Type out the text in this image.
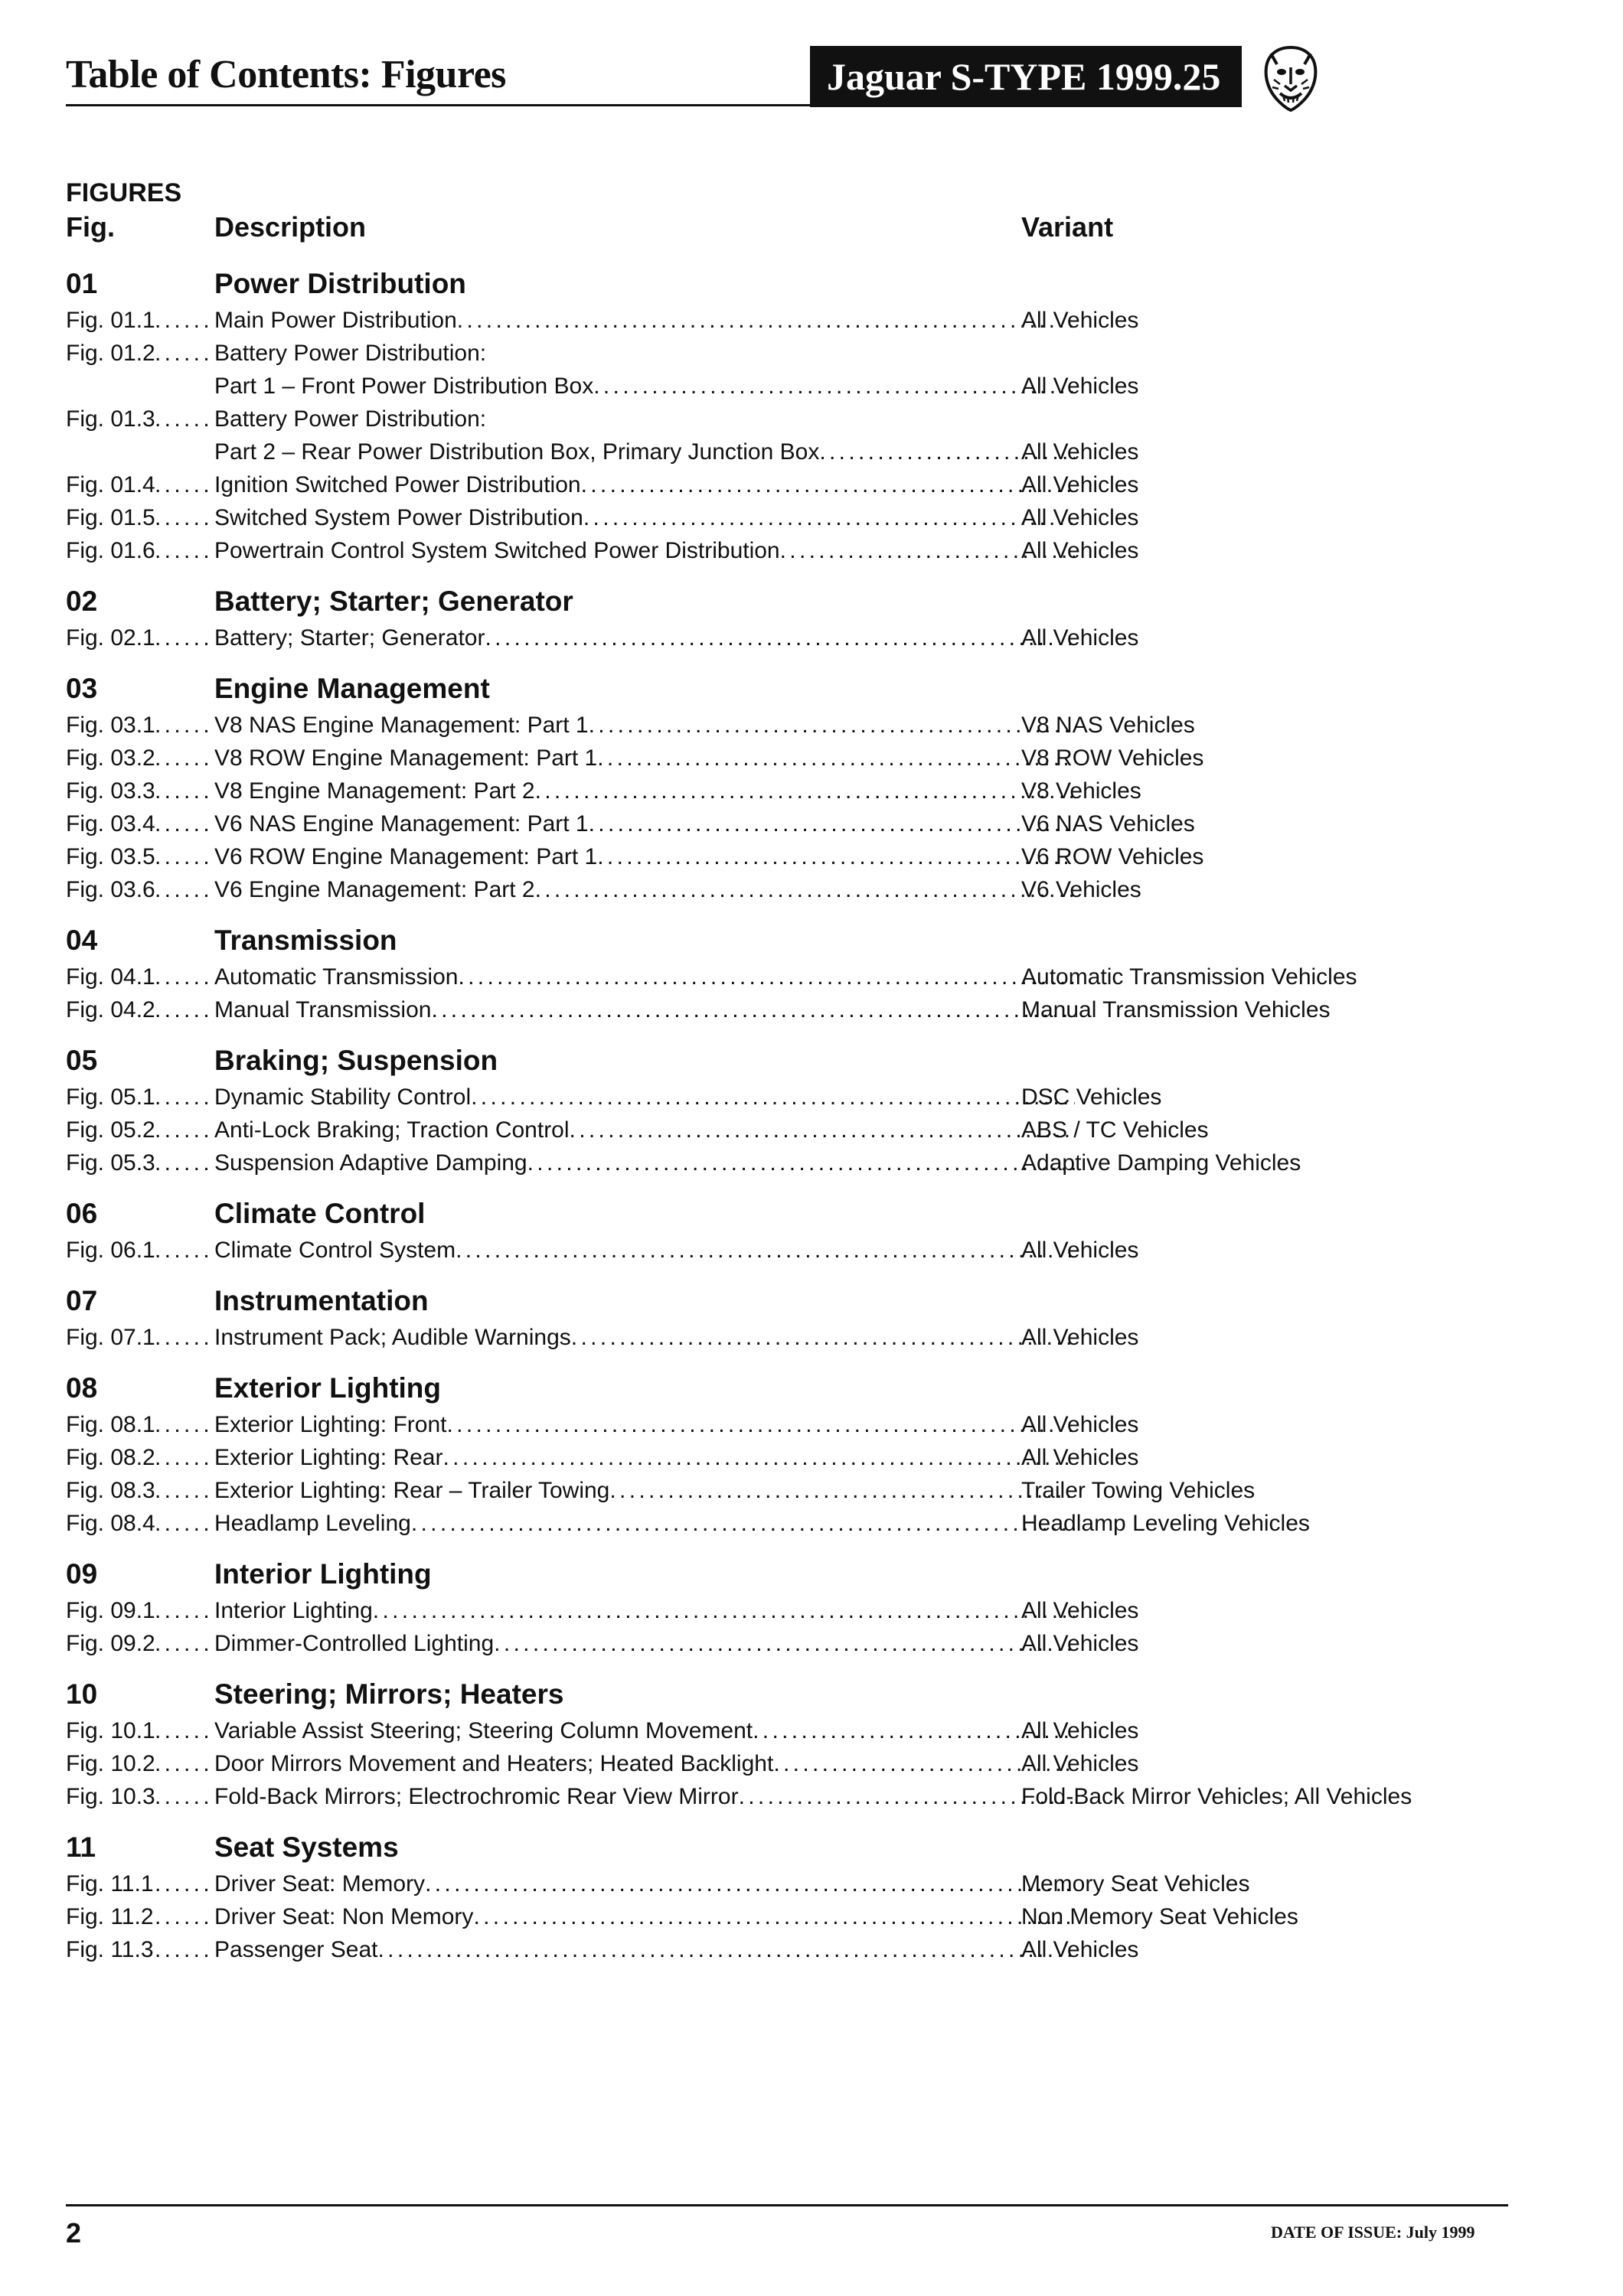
Table of Contents: Figures	Jaguar S-TYPE 1999.25
FIGURES
Fig.	Description	Variant
01	Power Distribution
Fig. 01.1 . . .	Main Power Distribution . . .	All Vehicles
Fig. 01.2 . . .	Battery Power Distribution:
Part 1 – Front Power Distribution Box . . .	All Vehicles
Fig. 01.3 . . .	Battery Power Distribution:
Part 2 – Rear Power Distribution Box, Primary Junction Box . . .	All Vehicles
Fig. 01.4 . . .	Ignition Switched Power Distribution . . .	All Vehicles
Fig. 01.5 . . .	Switched System Power Distribution . . .	All Vehicles
Fig. 01.6 . . .	Powertrain Control System Switched Power Distribution . . .	All Vehicles
02	Battery; Starter; Generator
Fig. 02.1 . . .	Battery; Starter; Generator . . .	All Vehicles
03	Engine Management
Fig. 03.1 . . .	V8 NAS Engine Management: Part 1 . . .	V8 NAS Vehicles
Fig. 03.2 . . .	V8 ROW Engine Management: Part 1 . . .	V8 ROW Vehicles
Fig. 03.3 . . .	V8 Engine Management: Part 2 . . .	V8 Vehicles
Fig. 03.4 . . .	V6 NAS Engine Management: Part 1 . . .	V6 NAS Vehicles
Fig. 03.5 . . .	V6 ROW Engine Management: Part 1 . . .	V6 ROW Vehicles
Fig. 03.6 . . .	V6 Engine Management: Part 2 . . .	V6 Vehicles
04	Transmission
Fig. 04.1 . . .	Automatic Transmission . . .	Automatic Transmission Vehicles
Fig. 04.2 . . .	Manual Transmission . . .	Manual Transmission Vehicles
05	Braking; Suspension
Fig. 05.1 . . .	Dynamic Stability Control . . .	DSC Vehicles
Fig. 05.2 . . .	Anti-Lock Braking; Traction Control . . .	ABS / TC Vehicles
Fig. 05.3 . . .	Suspension Adaptive Damping . . .	Adaptive Damping Vehicles
06	Climate Control
Fig. 06.1 . . .	Climate Control System . . .	All Vehicles
07	Instrumentation
Fig. 07.1 . . .	Instrument Pack; Audible Warnings . . .	All Vehicles
08	Exterior Lighting
Fig. 08.1 . . .	Exterior Lighting: Front . . .	All Vehicles
Fig. 08.2 . . .	Exterior Lighting: Rear . . .	All Vehicles
Fig. 08.3 . . .	Exterior Lighting: Rear – Trailer Towing . . .	Trailer Towing Vehicles
Fig. 08.4 . . .	Headlamp Leveling . . .	Headlamp Leveling Vehicles
09	Interior Lighting
Fig. 09.1 . . .	Interior Lighting . . .	All Vehicles
Fig. 09.2 . . .	Dimmer-Controlled Lighting . . .	All Vehicles
10	Steering; Mirrors; Heaters
Fig. 10.1 . . .	Variable Assist Steering; Steering Column Movement . . .	All Vehicles
Fig. 10.2 . . .	Door Mirrors Movement and Heaters; Heated Backlight . . .	All Vehicles
Fig. 10.3 . . .	Fold-Back Mirrors; Electrochromic Rear View Mirror . . .	Fold-Back Mirror Vehicles; All Vehicles
11	Seat Systems
Fig. 11.1 . . .	Driver Seat: Memory . . .	Memory Seat Vehicles
Fig. 11.2 . . .	Driver Seat: Non Memory . . .	Non Memory Seat Vehicles
Fig. 11.3 . . .	Passenger Seat . . .	All Vehicles
2	DATE OF ISSUE: July 1999
